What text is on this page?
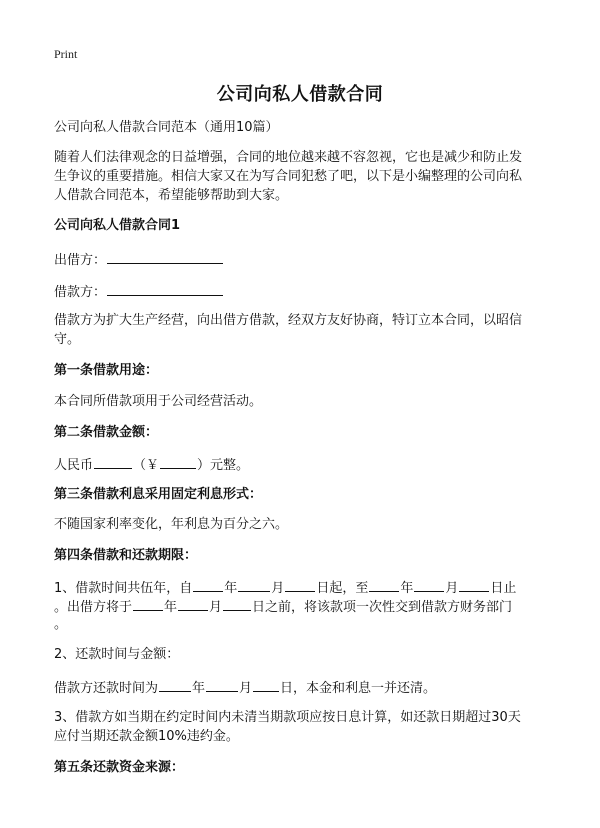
Print
公司向私人借款合同
公司向私人借款合同范本（通用10篇）
随着人们法律观念的日益增强，合同的地位越来越不容忽视，它也是减少和防止发
生争议的重要措施。相信大家又在为写合同犯愁了吧，以下是小编整理的公司向私
人借款合同范本，希望能够帮助到大家。
公司向私人借款合同1
出借方：
借款方：
借款方为扩大生产经营，向出借方借款，经双方友好协商，特订立本合同，以昭信
守。
第一条借款用途：
本合同所借款项用于公司经营活动。
第二条借款金额：
人民币	（￥	）元整。
第三条借款利息采用固定利息形式：
不随国家利率变化，年利息为百分之六。
第四条借款和还款期限：
1、借款时间共伍年，自 年	月 日起，至 年 月 日止
。出借方将于 年 月 日之前，将该款项一次性交到借款方财务部门
。
2、还款时间与金额：
借款方还款时间为	年	月 日，本金和利息一并还清。
3、借款方如当期在约定时间内未清当期款项应按日息计算，如还款日期超过30天
应付当期还款金额10%违约金。
第五条还款资金来源：
